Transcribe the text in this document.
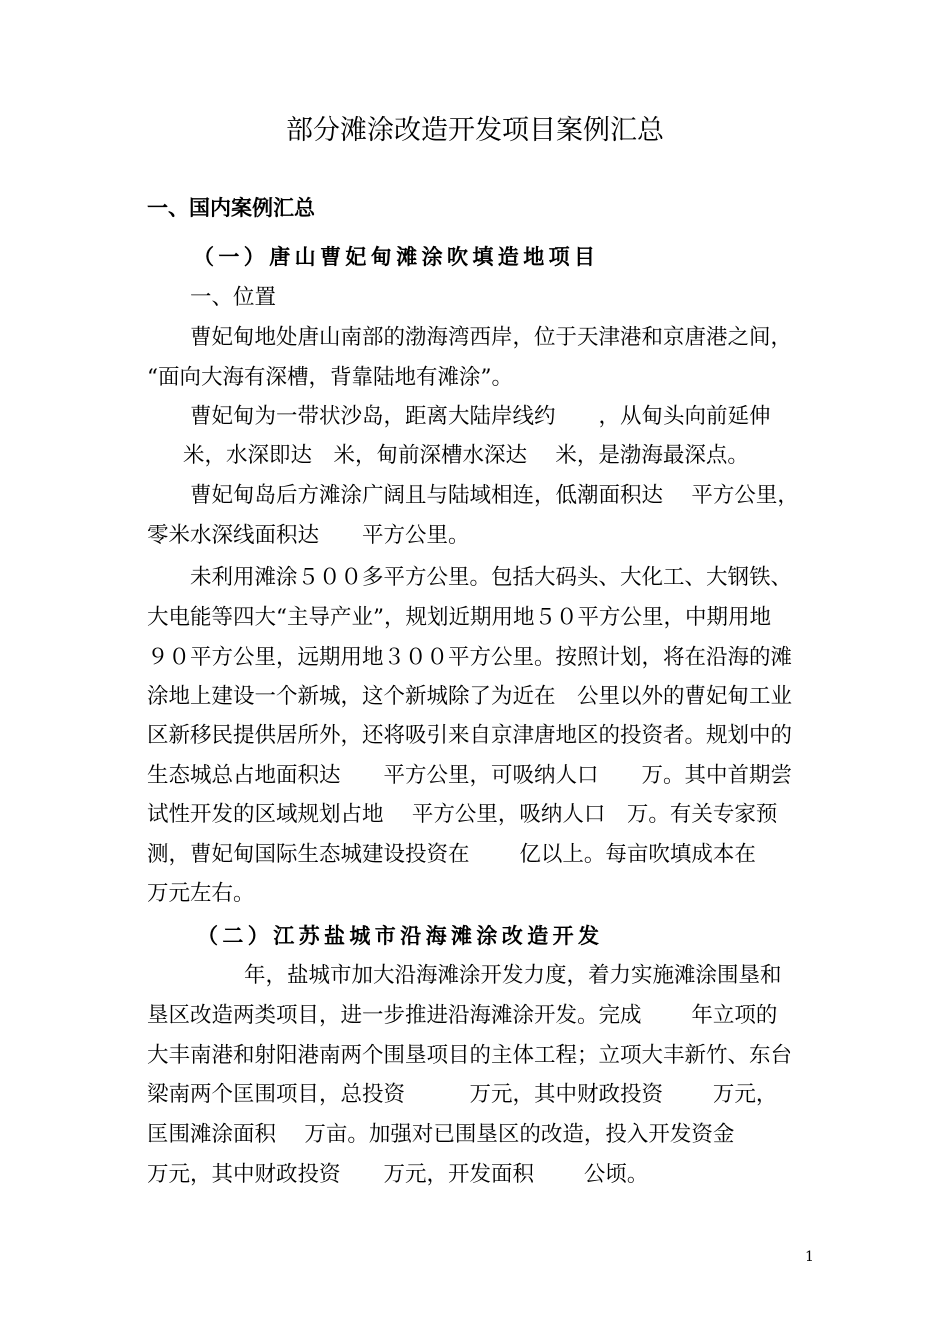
部分滩涂改造开发项目案例汇总
一、国内案例汇总
（一）唐山曹妃甸滩涂吹填造地项目
一、位置
曹妃甸地处唐山南部的渤海湾西岸，位于天津港和京唐港之间，
“面向大海有深槽，背靠陆地有滩涂”。
曹妃甸为一带状沙岛，距离大陆岸线约　　，从甸头向前延伸
米，水深即达　米，甸前深槽水深达　 米，是渤海最深点。
曹妃甸岛后方滩涂广阔且与陆域相连，低潮面积达　 平方公里，
零米水深线面积达　　平方公里。
未利用滩涂５００多平方公里。包括大码头、大化工、大钢铁、
大电能等四大“主导产业”，规划近期用地５０平方公里，中期用地
９０平方公里，远期用地３００平方公里。按照计划，将在沿海的滩
涂地上建设一个新城，这个新城除了为近在　公里以外的曹妃甸工业
区新移民提供居所外，还将吸引来自京津唐地区的投资者。规划中的
生态城总占地面积达　　平方公里，可吸纳人口　　万。其中首期尝
试性开发的区域规划占地　 平方公里，吸纳人口　万。有关专家预
测，曹妃甸国际生态城建设投资在　　 亿以上。每亩吹填成本在
万元左右。
（二）江苏盐城市沿海滩涂改造开发
年，盐城市加大沿海滩涂开发力度，着力实施滩涂围垦和
垦区改造两类项目，进一步推进沿海滩涂开发。完成　　 年立项的
大丰南港和射阳港南两个围垦项目的主体工程；立项大丰新竹、东台
梁南两个匡围项目，总投资　　　万元，其中财政投资　　 万元，
匡围滩涂面积　 万亩。加强对已围垦区的改造，投入开发资金
万元，其中财政投资　　万元，开发面积　　 公顷。
1
